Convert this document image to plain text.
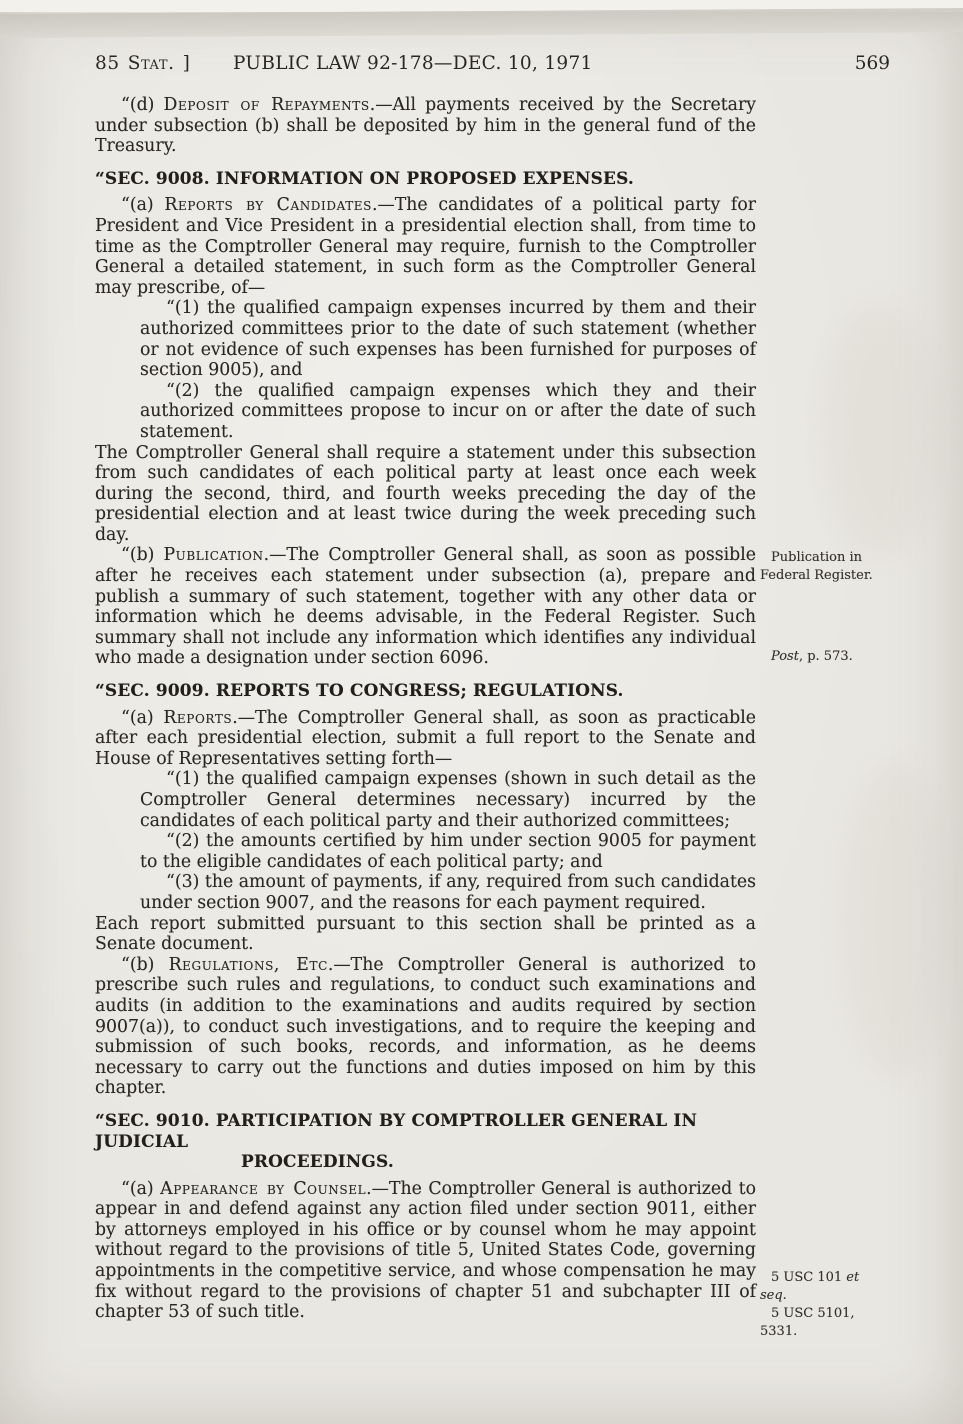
85 Stat. ] PUBLIC LAW 92-178—DEC. 10, 1971	569

“(d) Deposit of Repayments.—All payments received by the Secretary under subsection (b) shall be deposited by him in the general fund of the Treasury.

“SEC. 9008. INFORMATION ON PROPOSED EXPENSES.

“(a) Reports by Candidates.—The candidates of a political party for President and Vice President in a presidential election shall, from time to time as the Comptroller General may require, furnish to the Comptroller General a detailed statement, in such form as the Comptroller General may prescribe, of—

“(1) the qualified campaign expenses incurred by them and their authorized committees prior to the date of such statement (whether or not evidence of such expenses has been furnished for purposes of section 9005), and

“(2) the qualified campaign expenses which they and their authorized committees propose to incur on or after the date of such statement.

The Comptroller General shall require a statement under this subsection from such candidates of each political party at least once each week during the second, third, and fourth weeks preceding the day of the presidential election and at least twice during the week preceding such day.

“(b) Publication.—The Comptroller General shall, as soon as possible after he receives each statement under subsection (a), prepare and publish a summary of such statement, together with any other data or information which he deems advisable, in the Federal Register. Such summary shall not include any information which identifies any individual who made a designation under section 6096.

“SEC. 9009. REPORTS TO CONGRESS; REGULATIONS.

“(a) Reports.—The Comptroller General shall, as soon as practicable after each presidential election, submit a full report to the Senate and House of Representatives setting forth—

“(1) the qualified campaign expenses (shown in such detail as the Comptroller General determines necessary) incurred by the candidates of each political party and their authorized committees;

“(2) the amounts certified by him under section 9005 for payment to the eligible candidates of each political party; and

“(3) the amount of payments, if any, required from such candidates under section 9007, and the reasons for each payment required.

Each report submitted pursuant to this section shall be printed as a Senate document.

“(b) Regulations, Etc.—The Comptroller General is authorized to prescribe such rules and regulations, to conduct such examinations and audits (in addition to the examinations and audits required by section 9007(a)), to conduct such investigations, and to require the keeping and submission of such books, records, and information, as he deems necessary to carry out the functions and duties imposed on him by this chapter.

“SEC. 9010. PARTICIPATION BY COMPTROLLER GENERAL IN JUDICIAL
PROCEEDINGS.

“(a) Appearance by Counsel.—The Comptroller General is authorized to appear in and defend against any action filed under section 9011, either by attorneys employed in his office or by counsel whom he may appoint without regard to the provisions of title 5, United States Code, governing appointments in the competitive service, and whose compensation he may fix without regard to the provisions of chapter 51 and subchapter III of chapter 53 of such title.

Publication in Federal Register.
Post, p. 573.
5 USC 101 et seq.
5 USC 5101, 5331.
